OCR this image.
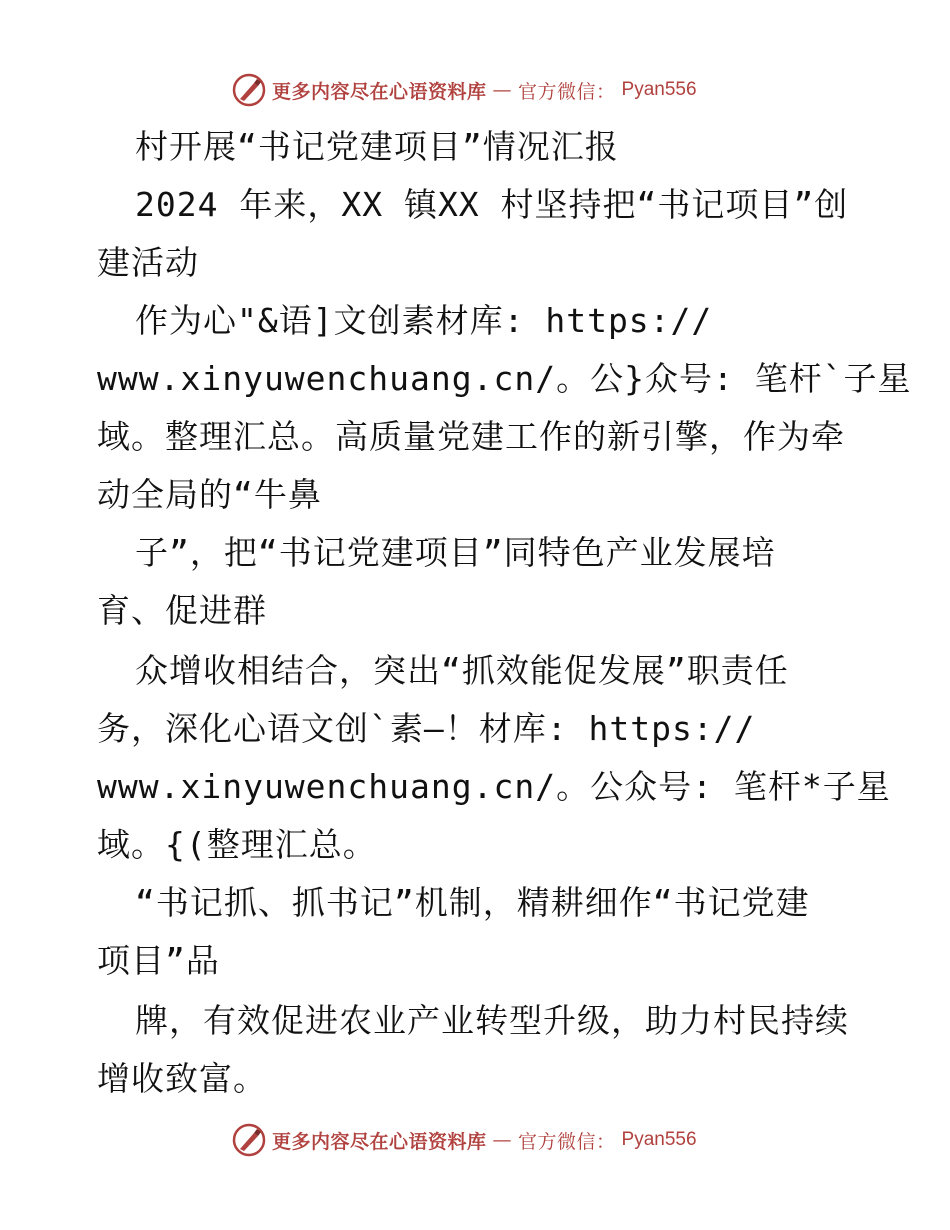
更多内容尽在心语资料库 — 官方微信： Pyan556
村开展“书记党建项目”情况汇报
2024 年来，XX 镇XX 村坚持把“书记项目”创
建活动
作为心"&语]文创素材库: https://
www.xinyuwenchuang.cn/。公}众号: 笔杆`子星
域。整理汇总。高质量党建工作的新引擎，作为牵
动全局的“牛鼻
子”，把“书记党建项目”同特色产业发展培
育、促进群
众增收相结合，突出“抓效能促发展”职责任
务，深化心语文创`素—！材库: https://
www.xinyuwenchuang.cn/。公众号: 笔杆*子星
域。{(整理汇总。
“书记抓、抓书记”机制，精耕细作“书记党建
项目”品
牌，有效促进农业产业转型升级，助力村民持续
增收致富。
更多内容尽在心语资料库 — 官方微信： Pyan556
